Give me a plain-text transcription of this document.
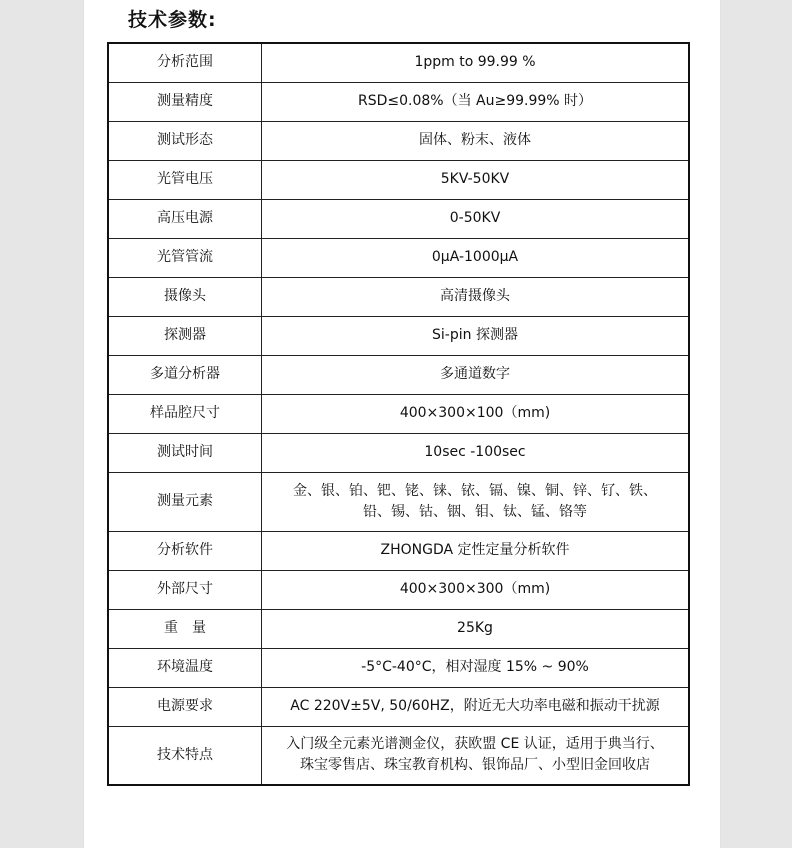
技术参数:
分析范围	1ppm to 99.99 %
测量精度	RSD≤0.08%（当 Au≥99.99% 时）
测试形态	固体、粉末、液体
光管电压	5KV-50KV
高压电源	0-50KV
光管管流	0μA-1000μA
摄像头	高清摄像头
探测器	Si-pin 探测器
多道分析器	多通道数字
样品腔尺寸	400×300×100（mm)
测试时间	10sec -100sec
测量元素	金、银、铂、钯、铑、铼、铱、镉、镍、铜、锌、钌、铁、
铅、锡、钴、铟、钼、钛、锰、铬等

分析软件	ZHONGDA 定性定量分析软件
外部尺寸	400×300×300（mm)
重　量	25Kg
环境温度	-5°C-40°C，相对湿度 15% ~ 90%
电源要求	AC 220V±5V, 50/60HZ，附近无大功率电磁和振动干扰源
技术特点	入门级全元素光谱测金仪，获欧盟 CE 认证，适用于典当行、
珠宝零售店、珠宝教育机构、银饰品厂、小型旧金回收店
